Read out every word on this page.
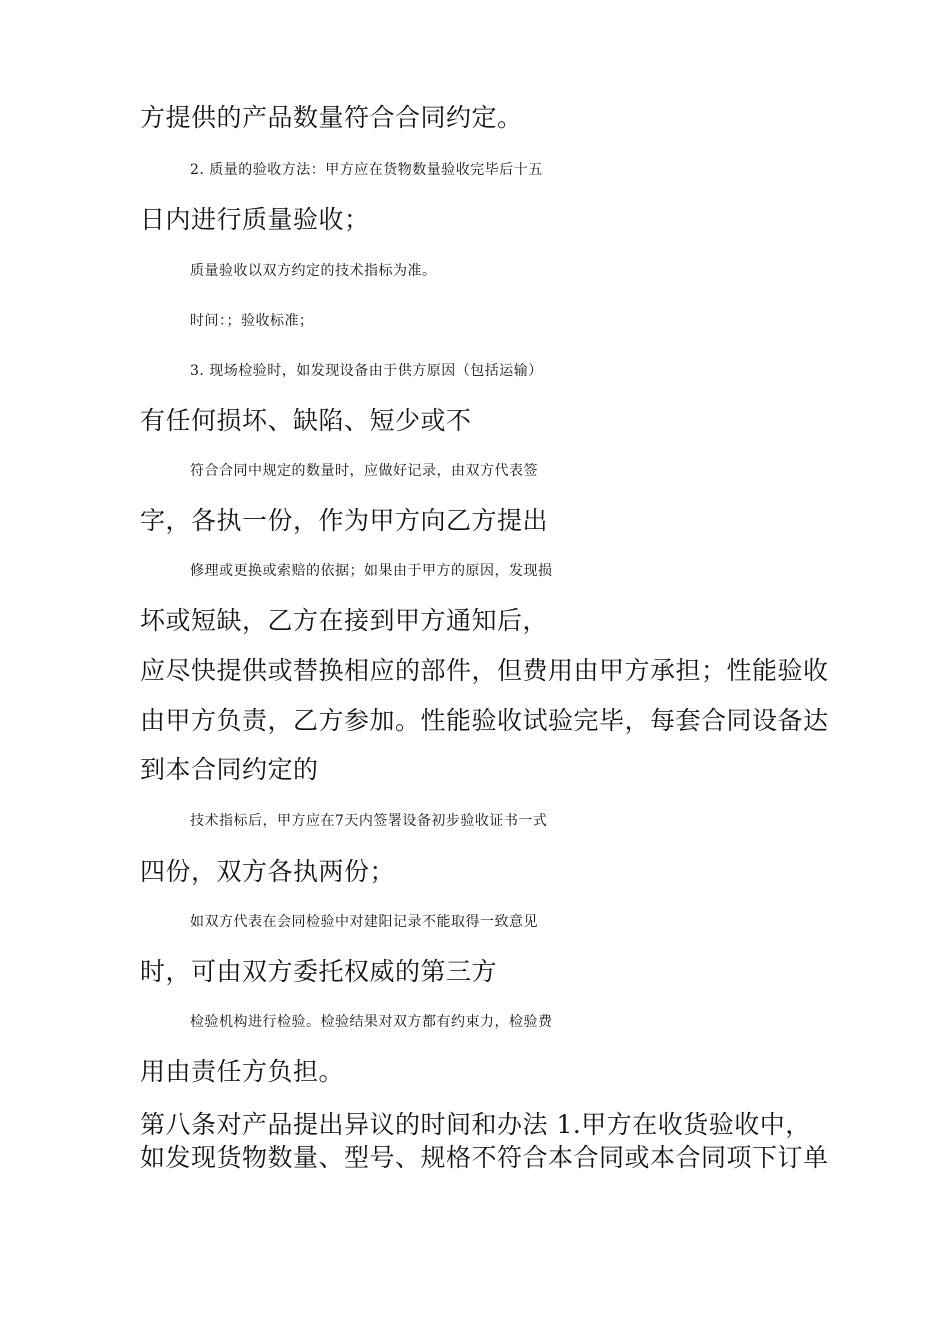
方提供的产品数量符合合同约定。
2. 质量的验收方法：甲方应在货物数量验收完毕后十五
日内进行质量验收；
质量验收以双方约定的技术指标为准。
时间：；验收标准；
3. 现场检验时，如发现设备由于供方原因（包括运输）
有任何损坏、缺陷、短少或不
符合合同中规定的数量时，应做好记录，由双方代表签
字，各执一份，作为甲方向乙方提出
修理或更换或索赔的依据；如果由于甲方的原因，发现损
坏或短缺，乙方在接到甲方通知后，
应尽快提供或替换相应的部件，但费用由甲方承担；性能验收
由甲方负责，乙方参加。性能验收试验完毕，每套合同设备达
到本合同约定的
技术指标后，甲方应在7天内签署设备初步验收证书一式
四份，双方各执两份；
如双方代表在会同检验中对建阳记录不能取得一致意见
时，可由双方委托权威的第三方
检验机构进行检验。检验结果对双方都有约束力，检验费
用由责任方负担。
第八条对产品提出异议的时间和办法 1.甲方在收货验收中，
如发现货物数量、型号、规格不符合本合同或本合同项下订单
